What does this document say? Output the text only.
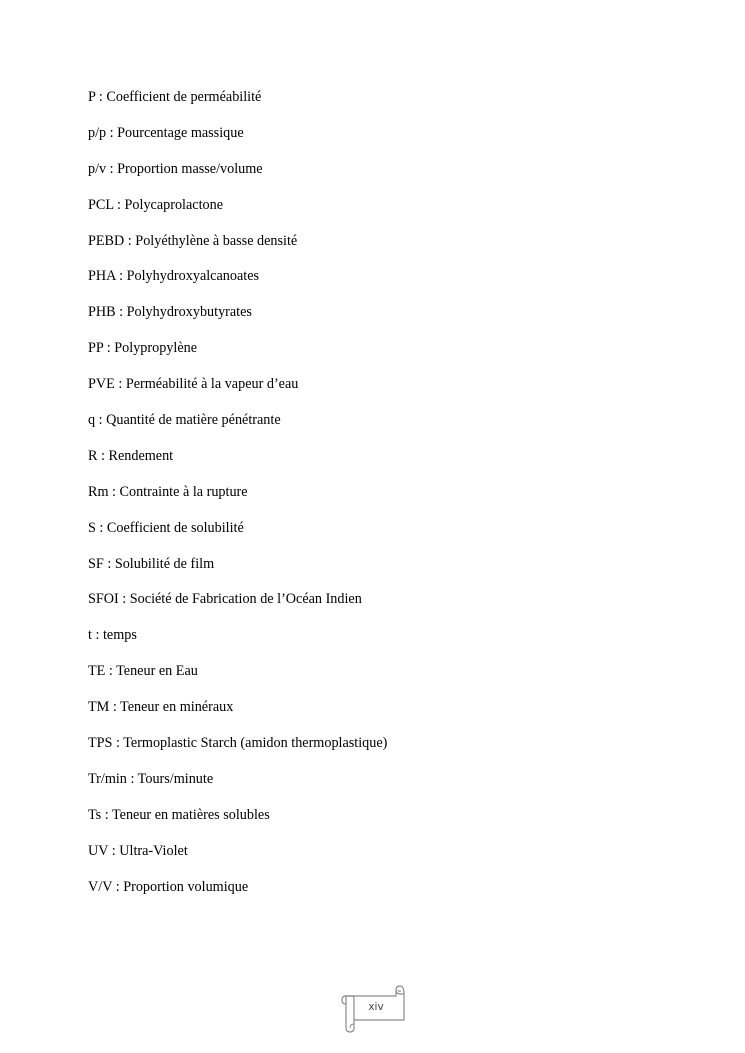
P : Coefficient de perméabilité
p/p : Pourcentage massique
p/v : Proportion masse/volume
PCL : Polycaprolactone
PEBD : Polyéthylène à basse densité
PHA : Polyhydroxyalcanoates
PHB : Polyhydroxybutyrates
PP : Polypropylène
PVE : Perméabilité à la vapeur d’eau
q : Quantité de matière pénétrante
R : Rendement
Rm : Contrainte à la rupture
S : Coefficient de solubilité
SF : Solubilité de film
SFOI : Société de Fabrication de l’Océan Indien
t : temps
TE : Teneur en Eau
TM : Teneur en minéraux
TPS : Termoplastic Starch (amidon thermoplastique)
Tr/min : Tours/minute
Ts : Teneur en matières solubles
UV : Ultra-Violet
V/V : Proportion volumique
xiv
